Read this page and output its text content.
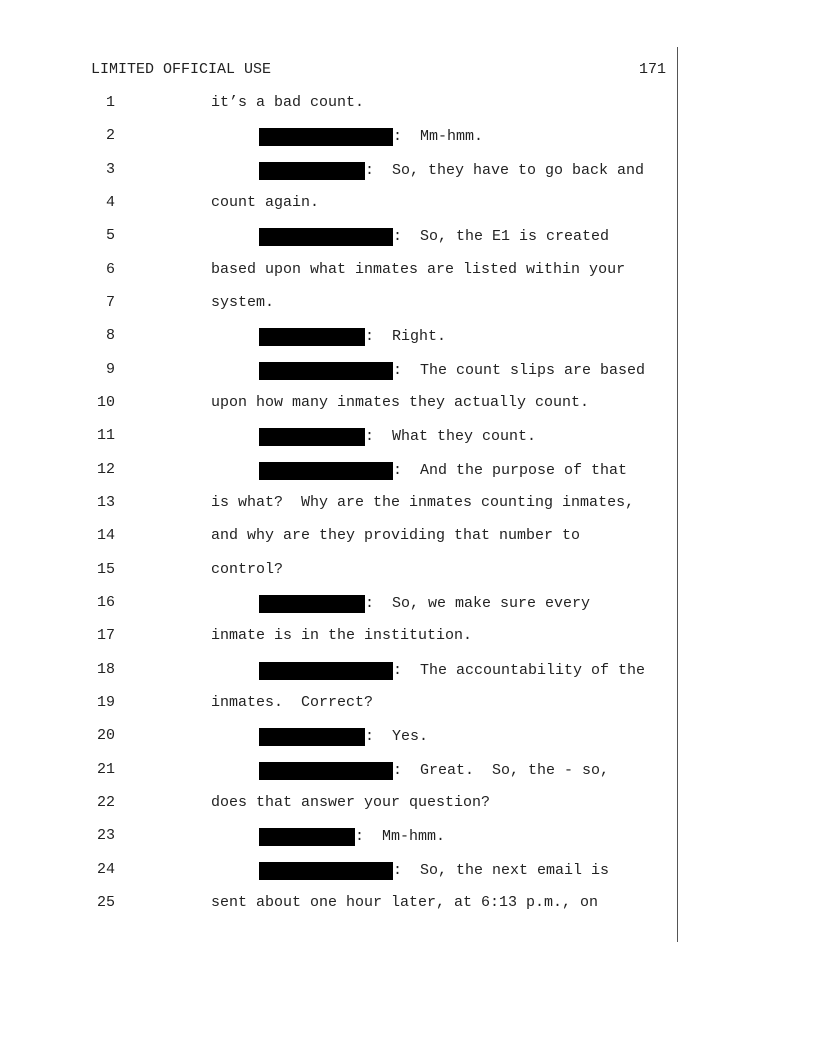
LIMITED OFFICIAL USE	171
1	it’s a bad count.
2	:  Mm-hmm.
3	:  So, they have to go back and
4	count again.
5	:  So, the E1 is created
6	based upon what inmates are listed within your
7	system.
8	:  Right.
9	:  The count slips are based
10	upon how many inmates they actually count.
11	:  What they count.
12	:  And the purpose of that
13	is what?  Why are the inmates counting inmates,
14	and why are they providing that number to
15	control?
16	:  So, we make sure every
17	inmate is in the institution.
18	:  The accountability of the
19	inmates.  Correct?
20	:  Yes.
21	:  Great.  So, the - so,
22	does that answer your question?
23	:  Mm-hmm.
24	:  So, the next email is
25	sent about one hour later, at 6:13 p.m., on
